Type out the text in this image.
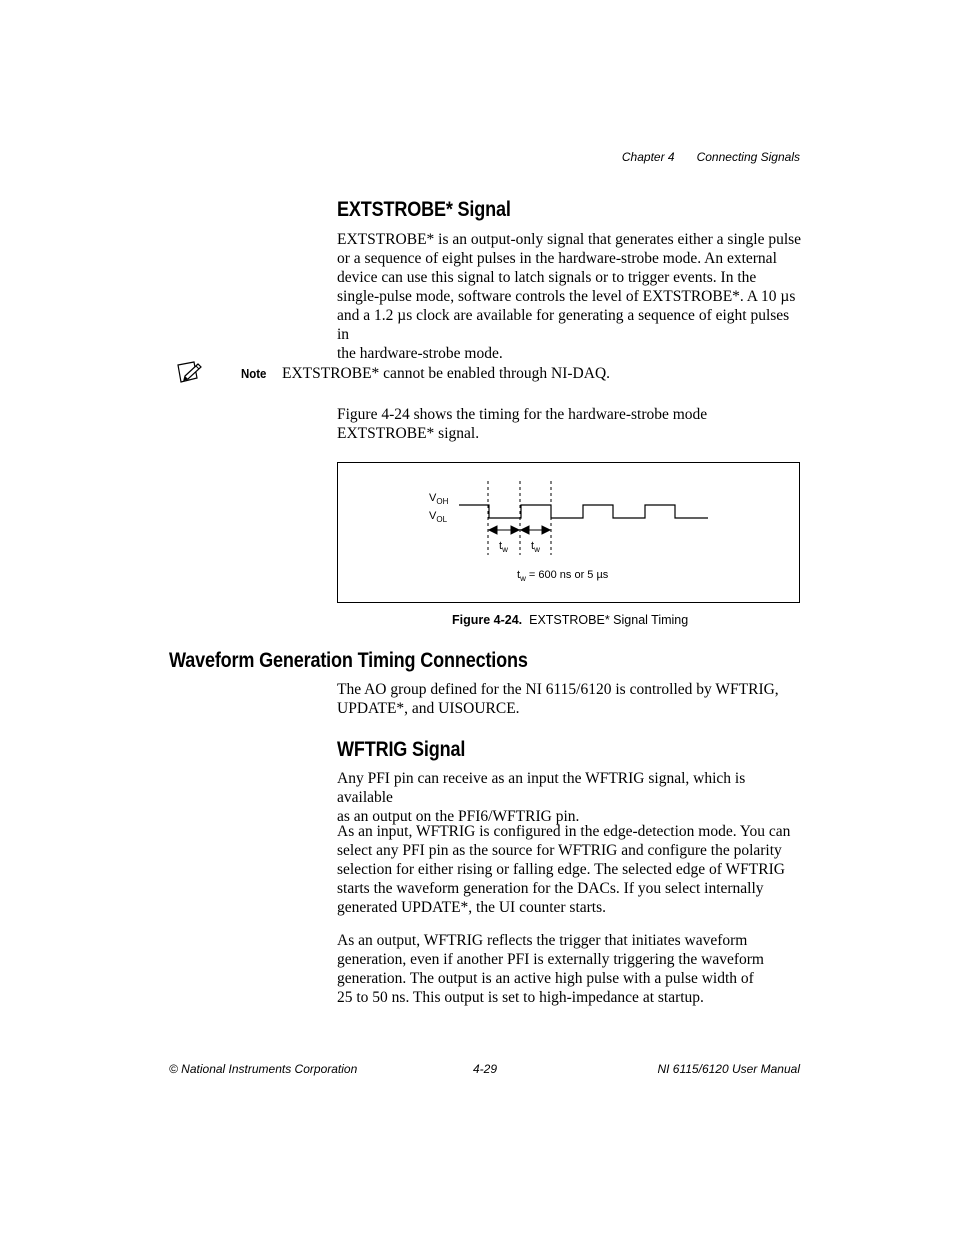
Chapter 4 Connecting Signals
EXTSTROBE* Signal
EXTSTROBE* is an output-only signal that generates either a single pulse
or a sequence of eight pulses in the hardware-strobe mode. An external
device can use this signal to latch signals or to trigger events. In the
single-pulse mode, software controls the level of EXTSTROBE*. A 10 µs
and a 1.2 µs clock are available for generating a sequence of eight pulses in
the hardware-strobe mode.
Note EXTSTROBE* cannot be enabled through NI-DAQ.
Figure 4-24 shows the timing for the hardware-strobe mode
EXTSTROBE* signal.
$V_{OH}$
$V_{OL}$
$t_w$ $t_w$
$t_w = 600$ ns or 5 µs
Figure 4-24. EXTSTROBE* Signal Timing
Waveform Generation Timing Connections
The AO group defined for the NI 6115/6120 is controlled by WFTRIG,
UPDATE*, and UISOURCE.
WFTRIG Signal
Any PFI pin can receive as an input the WFTRIG signal, which is available
as an output on the PFI6/WFTRIG pin.
As an input, WFTRIG is configured in the edge-detection mode. You can
select any PFI pin as the source for WFTRIG and configure the polarity
selection for either rising or falling edge. The selected edge of WFTRIG
starts the waveform generation for the DACs. If you select internally
generated UPDATE*, the UI counter starts.
As an output, WFTRIG reflects the trigger that initiates waveform
generation, even if another PFI is externally triggering the waveform
generation. The output is an active high pulse with a pulse width of
25 to 50 ns. This output is set to high-impedance at startup.
© National Instruments Corporation	4-29	NI 6115/6120 User Manual
